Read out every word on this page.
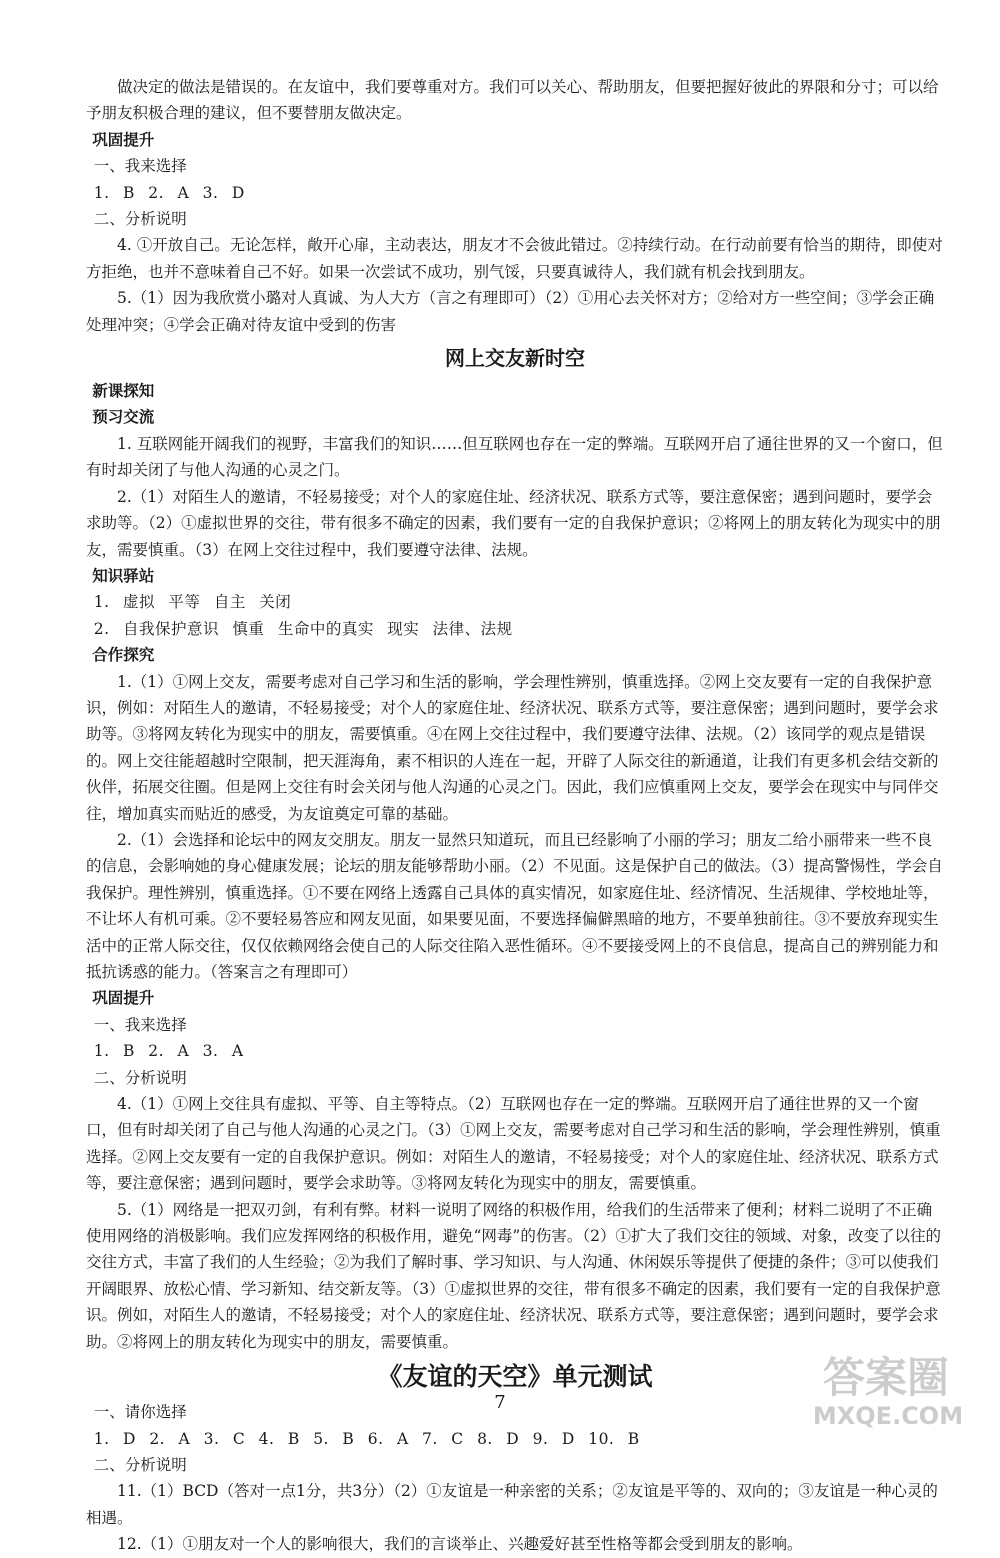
做决定的做法是错误的。在友谊中，我们要尊重对方。我们可以关心、帮助朋友，但要把握好彼此的界限和分寸；可以给予朋友积极合理的建议，但不要替朋友做决定。

巩固提升

一、我来选择

1. B 2. A 3. D

二、分析说明

4. ①开放自己。无论怎样，敞开心扉，主动表达，朋友才不会彼此错过。②持续行动。在行动前要有恰当的期待，即使对方拒绝，也并不意味着自己不好。如果一次尝试不成功，别气馁，只要真诚待人，我们就有机会找到朋友。

5.（1）因为我欣赏小璐对人真诚、为人大方（言之有理即可）（2）①用心去关怀对方；②给对方一些空间；③学会正确处理冲突；④学会正确对待友谊中受到的伤害

网上交友新时空

新课探知

预习交流

1. 互联网能开阔我们的视野，丰富我们的知识……但互联网也存在一定的弊端。互联网开启了通往世界的又一个窗口，但有时却关闭了与他人沟通的心灵之门。

2.（1）对陌生人的邀请，不轻易接受；对个人的家庭住址、经济状况、联系方式等，要注意保密；遇到问题时，要学会求助等。（2）①虚拟世界的交往，带有很多不确定的因素，我们要有一定的自我保护意识；②将网上的朋友转化为现实中的朋友，需要慎重。（3）在网上交往过程中，我们要遵守法律、法规。

知识驿站

1. 虚拟 平等 自主 关闭

2. 自我保护意识 慎重 生命中的真实 现实 法律、法规

合作探究

1.（1）①网上交友，需要考虑对自己学习和生活的影响，学会理性辨别，慎重选择。②网上交友要有一定的自我保护意识，例如：对陌生人的邀请，不轻易接受；对个人的家庭住址、经济状况、联系方式等，要注意保密；遇到问题时，要学会求助等。③将网友转化为现实中的朋友，需要慎重。④在网上交往过程中，我们要遵守法律、法规。（2）该同学的观点是错误的。网上交往能超越时空限制，把天涯海角，素不相识的人连在一起，开辟了人际交往的新通道，让我们有更多机会结交新的伙伴，拓展交往圈。但是网上交往有时会关闭与他人沟通的心灵之门。因此，我们应慎重网上交友，要学会在现实中与同伴交往，增加真实而贴近的感受，为友谊奠定可靠的基础。

2.（1）会选择和论坛中的网友交朋友。朋友一显然只知道玩，而且已经影响了小丽的学习；朋友二给小丽带来一些不良的信息，会影响她的身心健康发展；论坛的朋友能够帮助小丽。（2）不见面。这是保护自己的做法。（3）提高警惕性，学会自我保护。理性辨别，慎重选择。①不要在网络上透露自己具体的真实情况，如家庭住址、经济情况、生活规律、学校地址等，不让坏人有机可乘。②不要轻易答应和网友见面，如果要见面，不要选择偏僻黑暗的地方，不要单独前往。③不要放弃现实生活中的正常人际交往，仅仅依赖网络会使自己的人际交往陷入恶性循环。④不要接受网上的不良信息，提高自己的辨别能力和抵抗诱惑的能力。（答案言之有理即可）

巩固提升

一、我来选择

1. B 2. A 3. A

二、分析说明

4.（1）①网上交往具有虚拟、平等、自主等特点。（2）互联网也存在一定的弊端。互联网开启了通往世界的又一个窗口，但有时却关闭了自己与他人沟通的心灵之门。（3）①网上交友，需要考虑对自己学习和生活的影响，学会理性辨别，慎重选择。②网上交友要有一定的自我保护意识。例如：对陌生人的邀请，不轻易接受；对个人的家庭住址、经济状况、联系方式等，要注意保密；遇到问题时，要学会求助等。③将网友转化为现实中的朋友，需要慎重。

5.（1）网络是一把双刃剑，有利有弊。材料一说明了网络的积极作用，给我们的生活带来了便利；材料二说明了不正确使用网络的消极影响。我们应发挥网络的积极作用，避免“网毒”的伤害。（2）①扩大了我们交往的领域、对象，改变了以往的交往方式，丰富了我们的人生经验；②为我们了解时事、学习知识、与人沟通、休闲娱乐等提供了便捷的条件；③可以使我们开阔眼界、放松心情、学习新知、结交新友等。（3）①虚拟世界的交往，带有很多不确定的因素，我们要有一定的自我保护意识。例如，对陌生人的邀请，不轻易接受；对个人的家庭住址、经济状况、联系方式等，要注意保密；遇到问题时，要学会求助。②将网上的朋友转化为现实中的朋友，需要慎重。

《友谊的天空》单元测试

一、请你选择

1. D 2. A 3. C 4. B 5. B 6. A 7. C 8. D 9. D 10. B

二、分析说明

11.（1）BCD（答对一点1分，共3分）（2）①友谊是一种亲密的关系；②友谊是平等的、双向的；③友谊是一种心灵的相遇。

12.（1）①朋友对一个人的影响很大，我们的言谈举止、兴趣爱好甚至性格等都会受到朋友的影响。

7
答案圈
MXQE.COM
